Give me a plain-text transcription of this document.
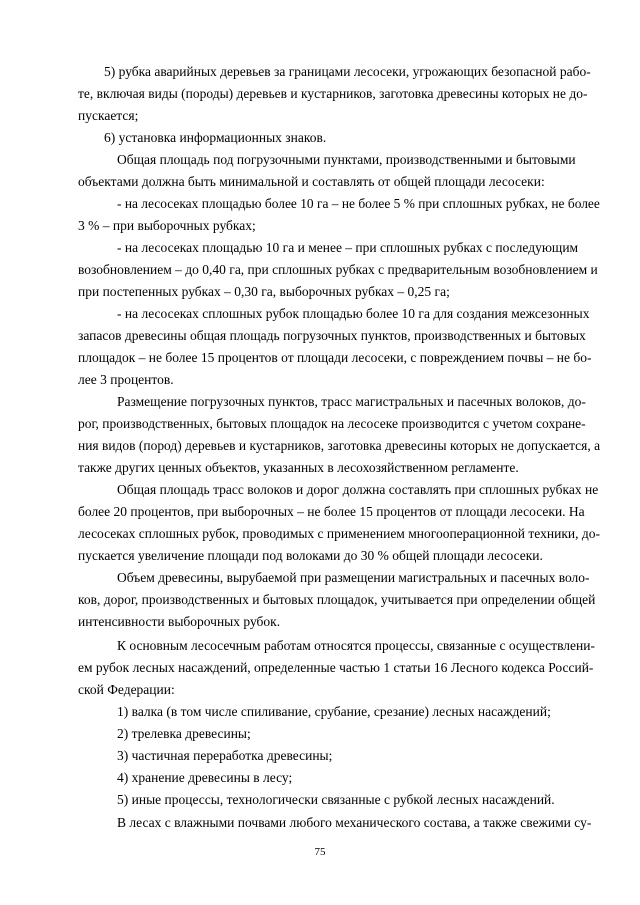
5) рубка аварийных деревьев за границами лесосеки, угрожающих безопасной рабо-
те, включая виды (породы) деревьев и кустарников, заготовка древесины которых не до-
пускается;
6) установка информационных знаков.
Общая площадь под погрузочными пунктами, производственными и бытовыми
объектами должна быть минимальной и составлять от общей площади лесосеки:
- на лесосеках площадью более 10 га – не более 5 % при сплошных рубках, не более
3 % – при выборочных рубках;
- на лесосеках площадью 10 га и менее – при сплошных рубках с последующим
возобновлением – до 0,40 га, при сплошных рубках с предварительным возобновлением и
при постепенных рубках – 0,30 га, выборочных рубках – 0,25 га;
- на лесосеках сплошных рубок площадью более 10 га для создания межсезонных
запасов древесины общая площадь погрузочных пунктов, производственных и бытовых
площадок – не более 15 процентов от площади лесосеки, с повреждением почвы – не бо-
лее 3 процентов.
Размещение погрузочных пунктов, трасс магистральных и пасечных волоков, до-
рог, производственных, бытовых площадок на лесосеке производится с учетом сохране-
ния видов (пород) деревьев и кустарников, заготовка древесины которых не допускается, а
также других ценных объектов, указанных в лесохозяйственном регламенте.
Общая площадь трасс волоков и дорог должна составлять при сплошных рубках не
более 20 процентов, при выборочных – не более 15 процентов от площади лесосеки. На
лесосеках сплошных рубок, проводимых с применением многооперационной техники, до-
пускается увеличение площади под волоками до 30 % общей площади лесосеки.
Объем древесины, вырубаемой при размещении магистральных и пасечных воло-
ков, дорог, производственных и бытовых площадок, учитывается при определении общей
интенсивности выборочных рубок.
К основным лесосечным работам относятся процессы, связанные с осуществлени-
ем рубок лесных насаждений, определенные частью 1 статьи 16 Лесного кодекса Россий-
ской Федерации:
1) валка (в том числе спиливание, срубание, срезание) лесных насаждений;
2) трелевка древесины;
3) частичная переработка древесины;
4) хранение древесины в лесу;
5) иные процессы, технологически связанные с рубкой лесных насаждений.
В лесах с влажными почвами любого механического состава, а также свежими су-
75
